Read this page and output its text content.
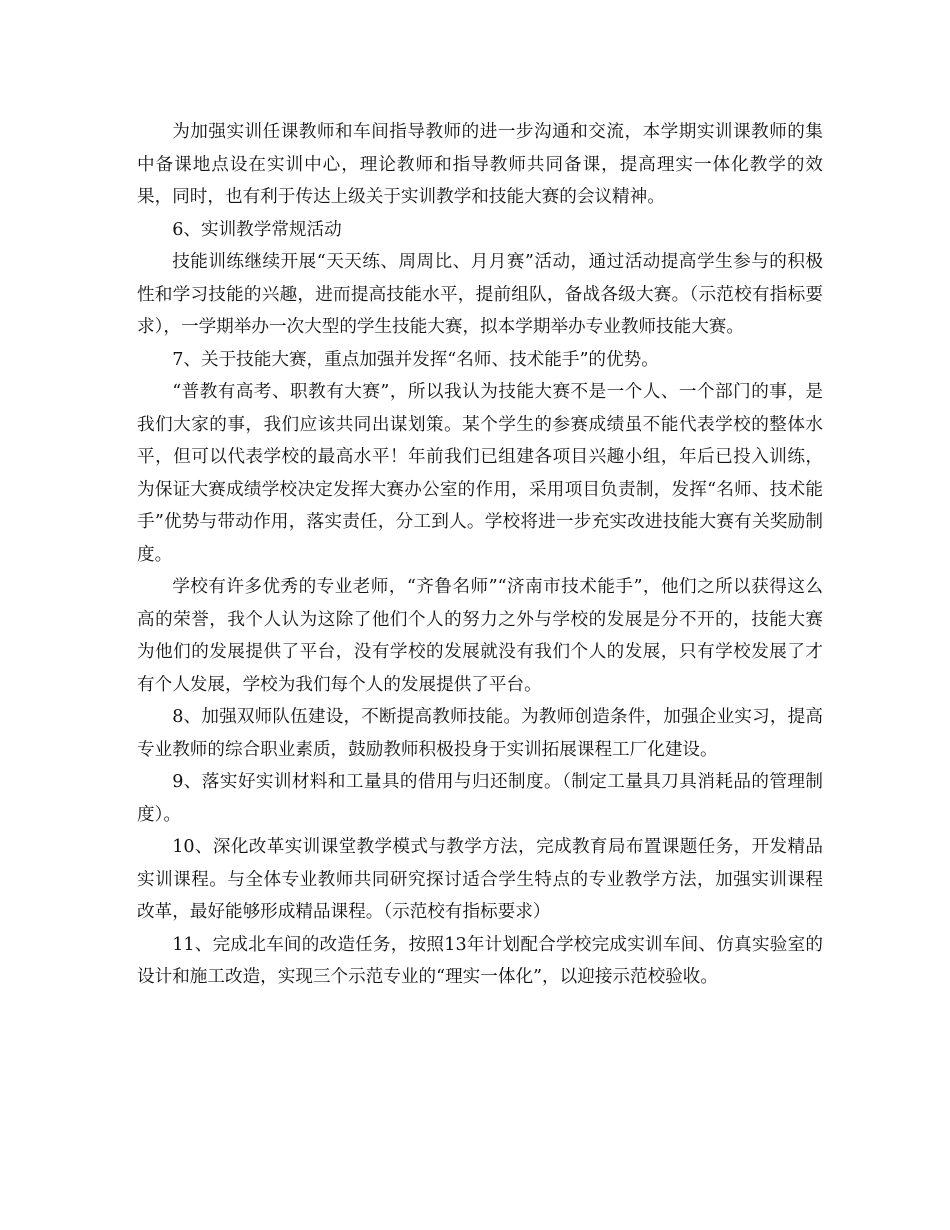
为加强实训任课教师和车间指导教师的进一步沟通和交流，本学期实训课教师的集中备课地点设在实训中心，理论教师和指导教师共同备课，提高理实一体化教学的效果，同时，也有利于传达上级关于实训教学和技能大赛的会议精神。

6、实训教学常规活动

技能训练继续开展“天天练、周周比、月月赛”活动，通过活动提高学生参与的积极性和学习技能的兴趣，进而提高技能水平，提前组队，备战各级大赛。（示范校有指标要求），一学期举办一次大型的学生技能大赛，拟本学期举办专业教师技能大赛。

7、关于技能大赛，重点加强并发挥“名师、技术能手”的优势。

“普教有高考、职教有大赛”，所以我认为技能大赛不是一个人、一个部门的事，是我们大家的事，我们应该共同出谋划策。某个学生的参赛成绩虽不能代表学校的整体水平，但可以代表学校的最高水平！年前我们已组建各项目兴趣小组，年后已投入训练，为保证大赛成绩学校决定发挥大赛办公室的作用，采用项目负责制，发挥“名师、技术能手”优势与带动作用，落实责任，分工到人。学校将进一步充实改进技能大赛有关奖励制度。

学校有许多优秀的专业老师，“齐鲁名师”“济南市技术能手”，他们之所以获得这么高的荣誉，我个人认为这除了他们个人的努力之外与学校的发展是分不开的，技能大赛为他们的发展提供了平台，没有学校的发展就没有我们个人的发展，只有学校发展了才有个人发展，学校为我们每个人的发展提供了平台。

8、加强双师队伍建设，不断提高教师技能。为教师创造条件，加强企业实习，提高专业教师的综合职业素质，鼓励教师积极投身于实训拓展课程工厂化建设。

9、落实好实训材料和工量具的借用与归还制度。（制定工量具刀具消耗品的管理制度）。

10、深化改革实训课堂教学模式与教学方法，完成教育局布置课题任务，开发精品实训课程。与全体专业教师共同研究探讨适合学生特点的专业教学方法，加强实训课程改革，最好能够形成精品课程。（示范校有指标要求）

11、完成北车间的改造任务，按照13年计划配合学校完成实训车间、仿真实验室的设计和施工改造，实现三个示范专业的“理实一体化”，以迎接示范校验收。
